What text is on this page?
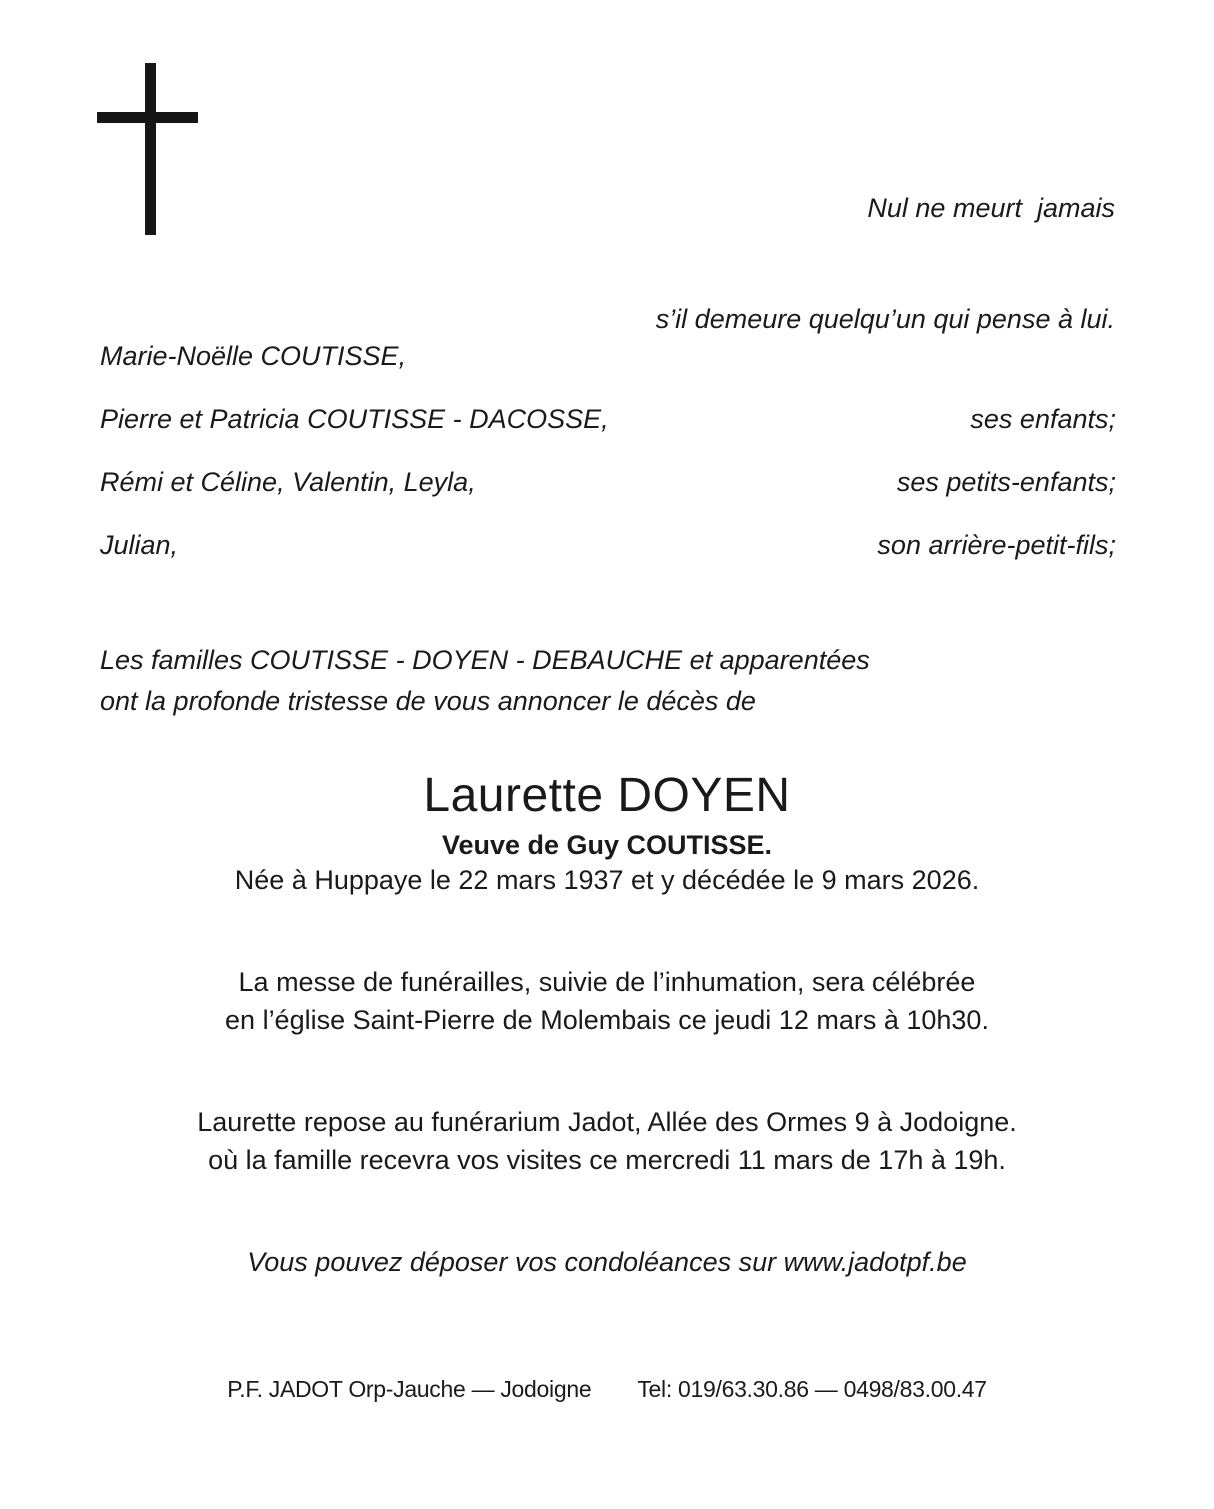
Nul ne meurt  jamais

s’il demeure quelqu’un qui pense à lui.

Marie-Noëlle COUTISSE,
Pierre et Patricia COUTISSE - DACOSSE,	ses enfants;
Rémi et Céline, Valentin, Leyla,	ses petits-enfants;
Julian,	son arrière-petit-fils;
Les familles COUTISSE - DOYEN - DEBAUCHE et apparentées
ont la profonde tristesse de vous annoncer le décès de
Laurette DOYEN
Veuve de Guy COUTISSE.
Née à Huppaye le 22 mars 1937 et y décédée le 9 mars 2026.
La messe de funérailles, suivie de l’inhumation, sera célébrée
en l’église Saint-Pierre de Molembais ce jeudi 12 mars à 10h30.
Laurette repose au funérarium Jadot, Allée des Ormes 9 à Jodoigne.
où la famille recevra vos visites ce mercredi 11 mars de 17h à 19h.
Vous pouvez déposer vos condoléances sur www.jadotpf.be
P.F. JADOT Orp-Jauche — Jodoigne Tel: 019/63.30.86 — 0498/83.00.47
